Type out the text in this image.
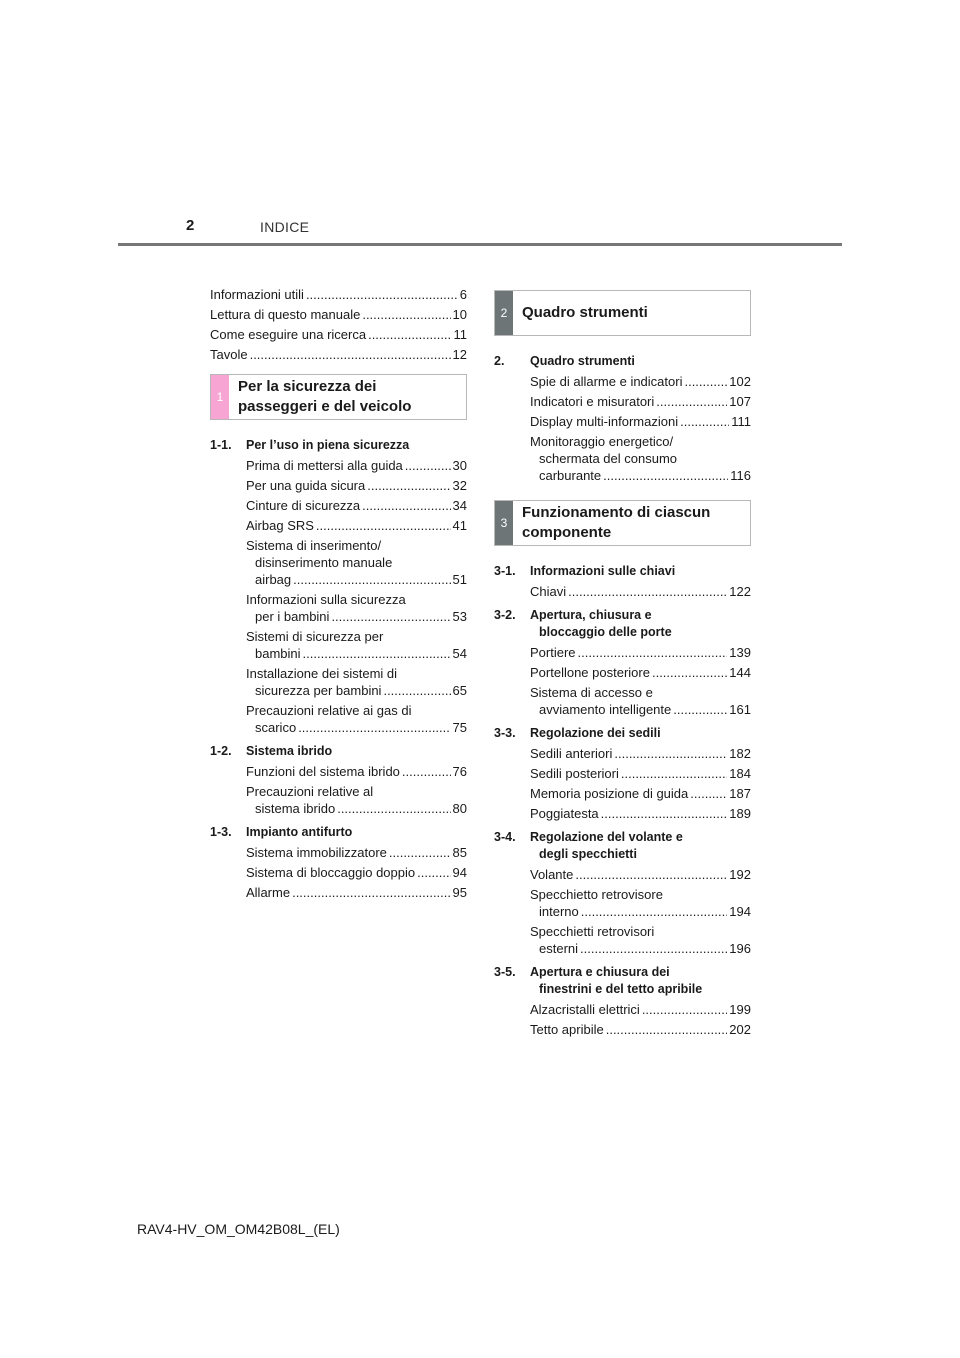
2	INDICE
Informazioni utili .....	6
Lettura di questo manuale .....	10
Come eseguire una ricerca .....	11
Tavole .....	12
1
Per la sicurezza dei
passeggeri e del veicolo
1-1.	Per l’uso in piena sicurezza
Prima di mettersi alla guida .....	30
Per una guida sicura .....	32
Cinture di sicurezza .....	34
Airbag SRS .....	41
Sistema di inserimento/
disinserimento manuale
airbag .....	51
Informazioni sulla sicurezza
per i bambini .....	53
Sistemi di sicurezza per
bambini .....	54
Installazione dei sistemi di
sicurezza per bambini .....	65
Precauzioni relative ai gas di
scarico .....	75
1-2.	Sistema ibrido
Funzioni del sistema ibrido .....	76
Precauzioni relative al
sistema ibrido .....	80
1-3.	Impianto antifurto
Sistema immobilizzatore .....	85
Sistema di bloccaggio doppio .....	94
Allarme .....	95
2 Quadro strumenti
2.	Quadro strumenti
Spie di allarme e indicatori .....	102
Indicatori e misuratori .....	107
Display multi-informazioni .....	111
Monitoraggio energetico/
schermata del consumo
carburante .....	116
3
Funzionamento di ciascun
componente
3-1.	Informazioni sulle chiavi
Chiavi .....	122
3-2.	Apertura, chiusura e
bloccaggio delle porte
Portiere .....	139
Portellone posteriore .....	144
Sistema di accesso e
avviamento intelligente .....	161
3-3.	Regolazione dei sedili
Sedili anteriori .....	182
Sedili posteriori .....	184
Memoria posizione di guida .....	187
Poggiatesta .....	189
3-4.	Regolazione del volante e
degli specchietti
Volante .....	192
Specchietto retrovisore
interno .....	194
Specchietti retrovisori
esterni .....	196
3-5.	Apertura e chiusura dei
finestrini e del tetto apribile
Alzacristalli elettrici .....	199
Tetto apribile .....	202
RAV4-HV_OM_OM42B08L_(EL)
